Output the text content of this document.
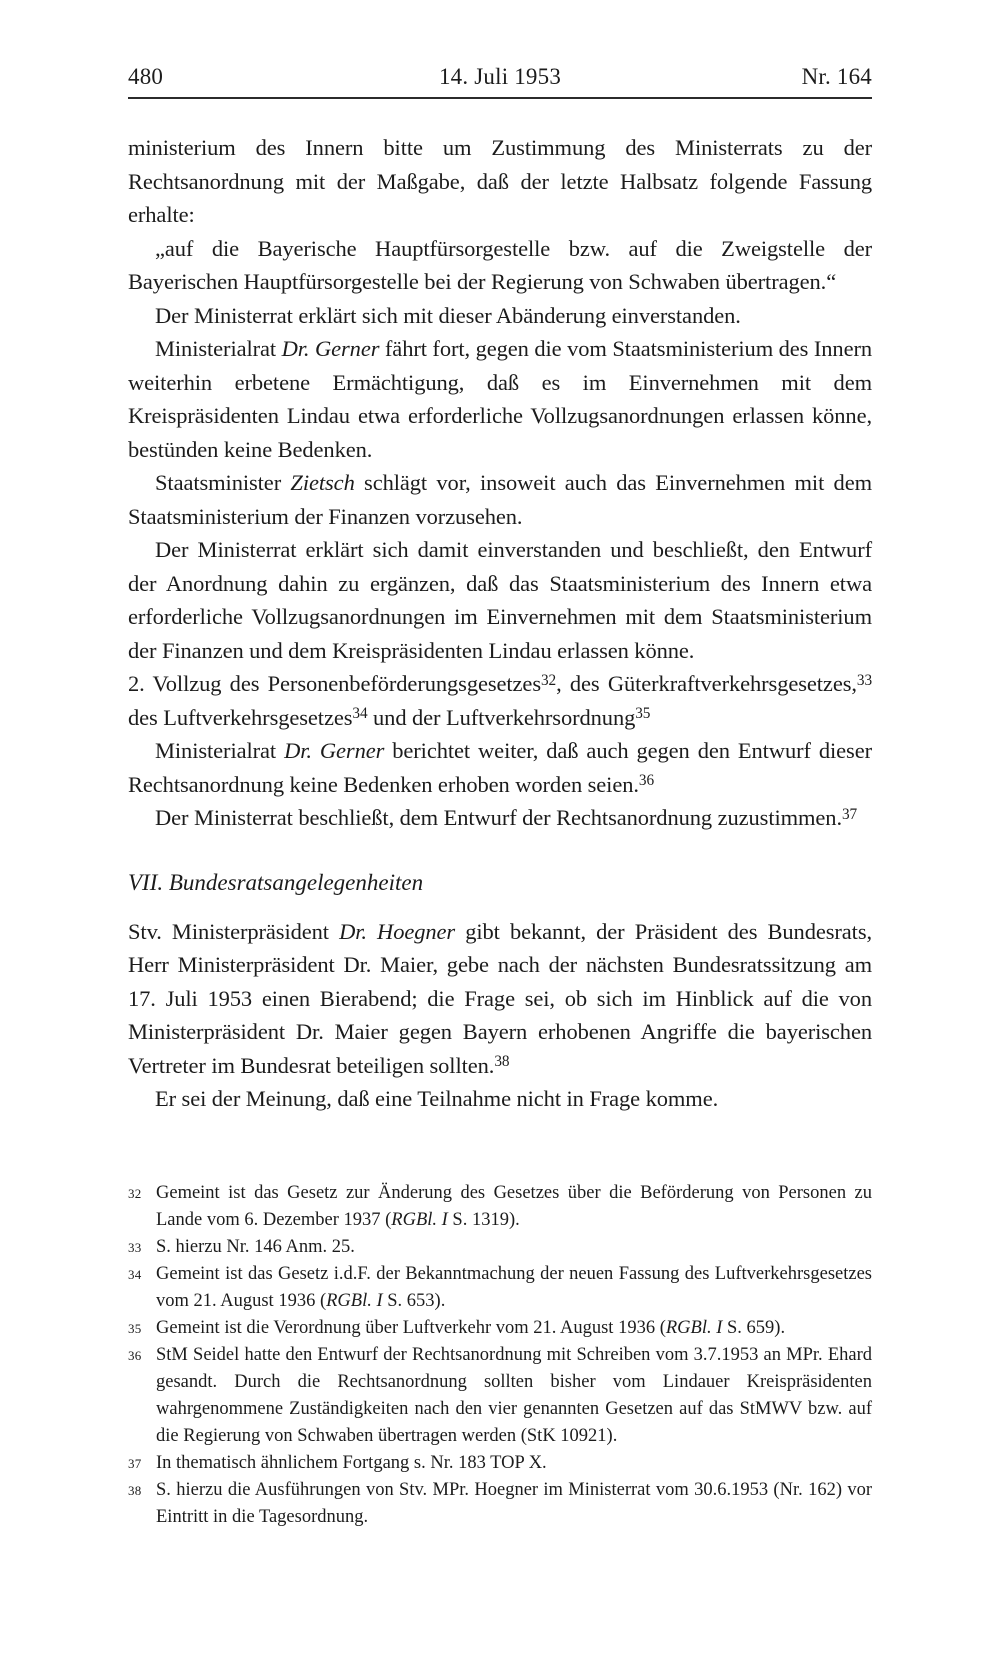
480	14. Juli 1953	Nr. 164

ministerium des Innern bitte um Zustimmung des Ministerrats zu der Rechtsanordnung mit der Maßgabe, daß der letzte Halbsatz folgende Fassung erhalte:

„auf die Bayerische Hauptfürsorgestelle bzw. auf die Zweigstelle der Bayerischen Hauptfürsorgestelle bei der Regierung von Schwaben übertragen.“

Der Ministerrat erklärt sich mit dieser Abänderung einverstanden.

Ministerialrat Dr. Gerner fährt fort, gegen die vom Staatsministerium des Innern weiterhin erbetene Ermächtigung, daß es im Einvernehmen mit dem Kreispräsidenten Lindau etwa erforderliche Vollzugsanordnungen erlassen könne, bestünden keine Bedenken.

Staatsminister Zietsch schlägt vor, insoweit auch das Einvernehmen mit dem Staatsministerium der Finanzen vorzusehen.

Der Ministerrat erklärt sich damit einverstanden und beschließt, den Entwurf der Anordnung dahin zu ergänzen, daß das Staatsministerium des Innern etwa erforderliche Vollzugsanordnungen im Einvernehmen mit dem Staatsministerium der Finanzen und dem Kreispräsidenten Lindau erlassen könne.

2. Vollzug des Personenbeförderungsgesetzes$^{32}$, des Güterkraftverkehrsgesetzes,$^{33}$ des Luftverkehrsgesetzes$^{34}$ und der Luftverkehrsordnung$^{35}$

Ministerialrat Dr. Gerner berichtet weiter, daß auch gegen den Entwurf dieser Rechtsanordnung keine Bedenken erhoben worden seien.$^{36}$

Der Ministerrat beschließt, dem Entwurf der Rechtsanordnung zuzustimmen.$^{37}$

VII. Bundesratsangelegenheiten

Stv. Ministerpräsident Dr. Hoegner gibt bekannt, der Präsident des Bundesrats, Herr Ministerpräsident Dr. Maier, gebe nach der nächsten Bundesratssitzung am 17. Juli 1953 einen Bierabend; die Frage sei, ob sich im Hinblick auf die von Ministerpräsident Dr. Maier gegen Bayern erhobenen Angriffe die bayerischen Vertreter im Bundesrat beteiligen sollten.$^{38}$

Er sei der Meinung, daß eine Teilnahme nicht in Frage komme.

32 Gemeint ist das Gesetz zur Änderung des Gesetzes über die Beförderung von Personen zu Lande vom 6. Dezember 1937 (RGBl. I S. 1319).
33 S. hierzu Nr. 146 Anm. 25.
34 Gemeint ist das Gesetz i.d.F. der Bekanntmachung der neuen Fassung des Luftverkehrsgesetzes vom 21. August 1936 (RGBl. I S. 653).
35 Gemeint ist die Verordnung über Luftverkehr vom 21. August 1936 (RGBl. I S. 659).
36 StM Seidel hatte den Entwurf der Rechtsanordnung mit Schreiben vom 3.7.1953 an MPr. Ehard gesandt. Durch die Rechtsanordnung sollten bisher vom Lindauer Kreispräsidenten wahrgenommene Zuständigkeiten nach den vier genannten Gesetzen auf das StMWV bzw. auf die Regierung von Schwaben übertragen werden (StK 10921).
37 In thematisch ähnlichem Fortgang s. Nr. 183 TOP X.
38 S. hierzu die Ausführungen von Stv. MPr. Hoegner im Ministerrat vom 30.6.1953 (Nr. 162) vor Eintritt in die Tagesordnung.
